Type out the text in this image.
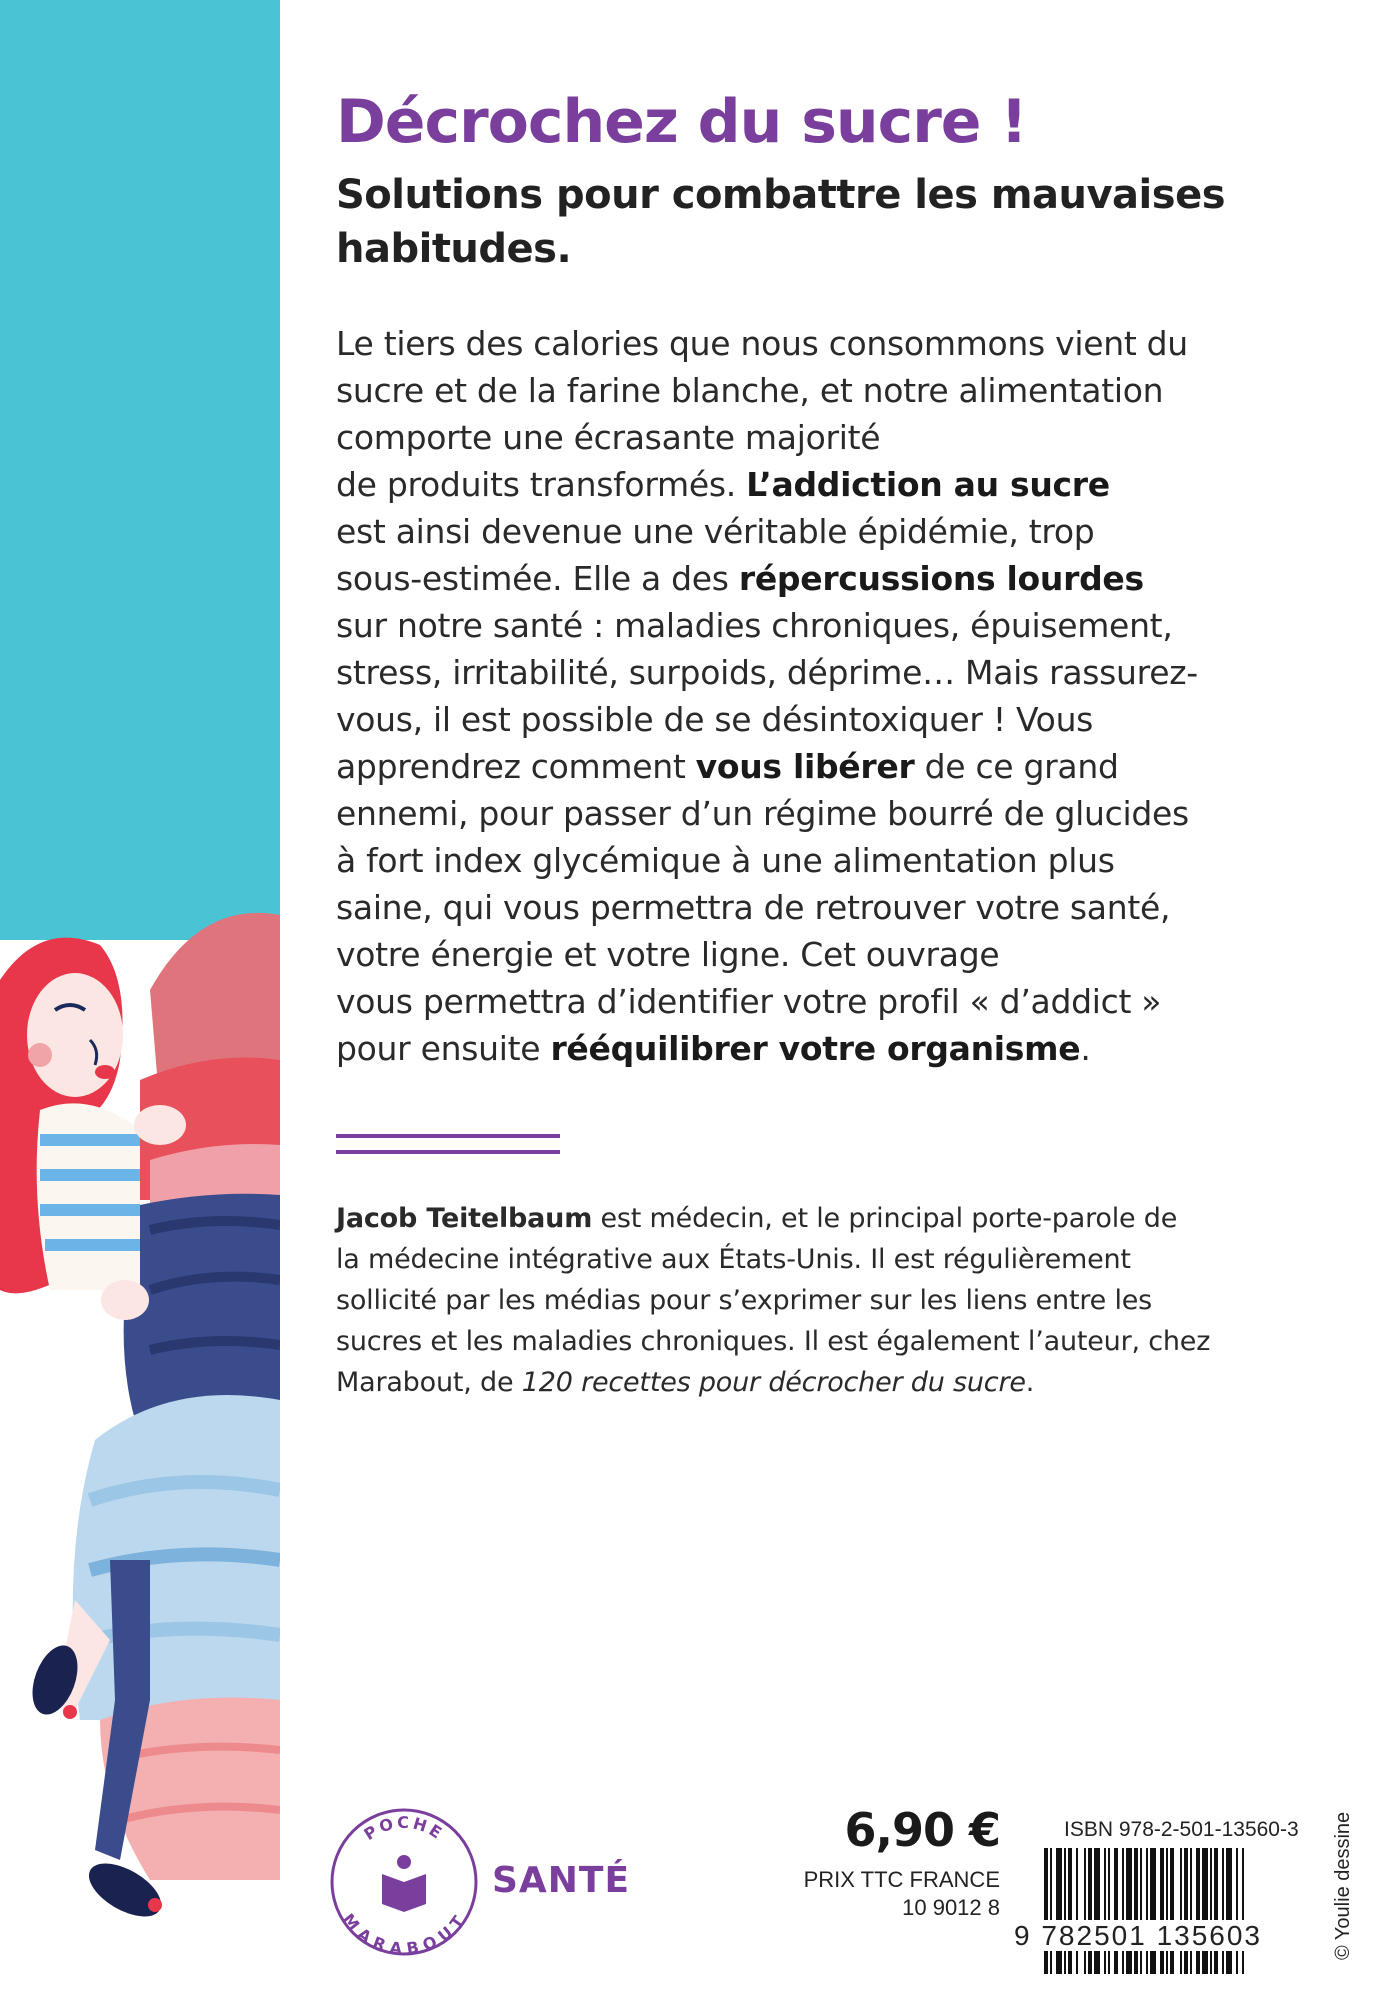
Décrochez du sucre !
Solutions pour combattre les mauvaises
habitudes.
Le tiers des calories que nous consommons vient du
sucre et de la farine blanche, et notre alimentation
comporte une écrasante majorité
de produits transformés. L’addiction au sucre
est ainsi devenue une véritable épidémie, trop
sous-estimée. Elle a des répercussions lourdes
sur notre santé : maladies chroniques, épuisement,
stress, irritabilité, surpoids, déprime… Mais rassurez-
vous, il est possible de se désintoxiquer ! Vous
apprendrez comment vous libérer de ce grand
ennemi, pour passer d’un régime bourré de glucides
à fort index glycémique à une alimentation plus
saine, qui vous permettra de retrouver votre santé,
votre énergie et votre ligne. Cet ouvrage
vous permettra d’identifier votre profil « d’addict »
pour ensuite rééquilibrer votre organisme.
Jacob Teitelbaum est médecin, et le principal porte-parole de
la médecine intégrative aux États-Unis. Il est régulièrement
sollicité par les médias pour s’exprimer sur les liens entre les
sucres et les maladies chroniques. Il est également l’auteur, chez
Marabout, de 120 recettes pour décrocher du sucre.
POCHE
MARABOUT
SANTÉ
6,90 €
PRIX TTC FRANCE
10 9012 8
ISBN 978-2-501-13560-3
9 782501 135603	© Youlie dessine
